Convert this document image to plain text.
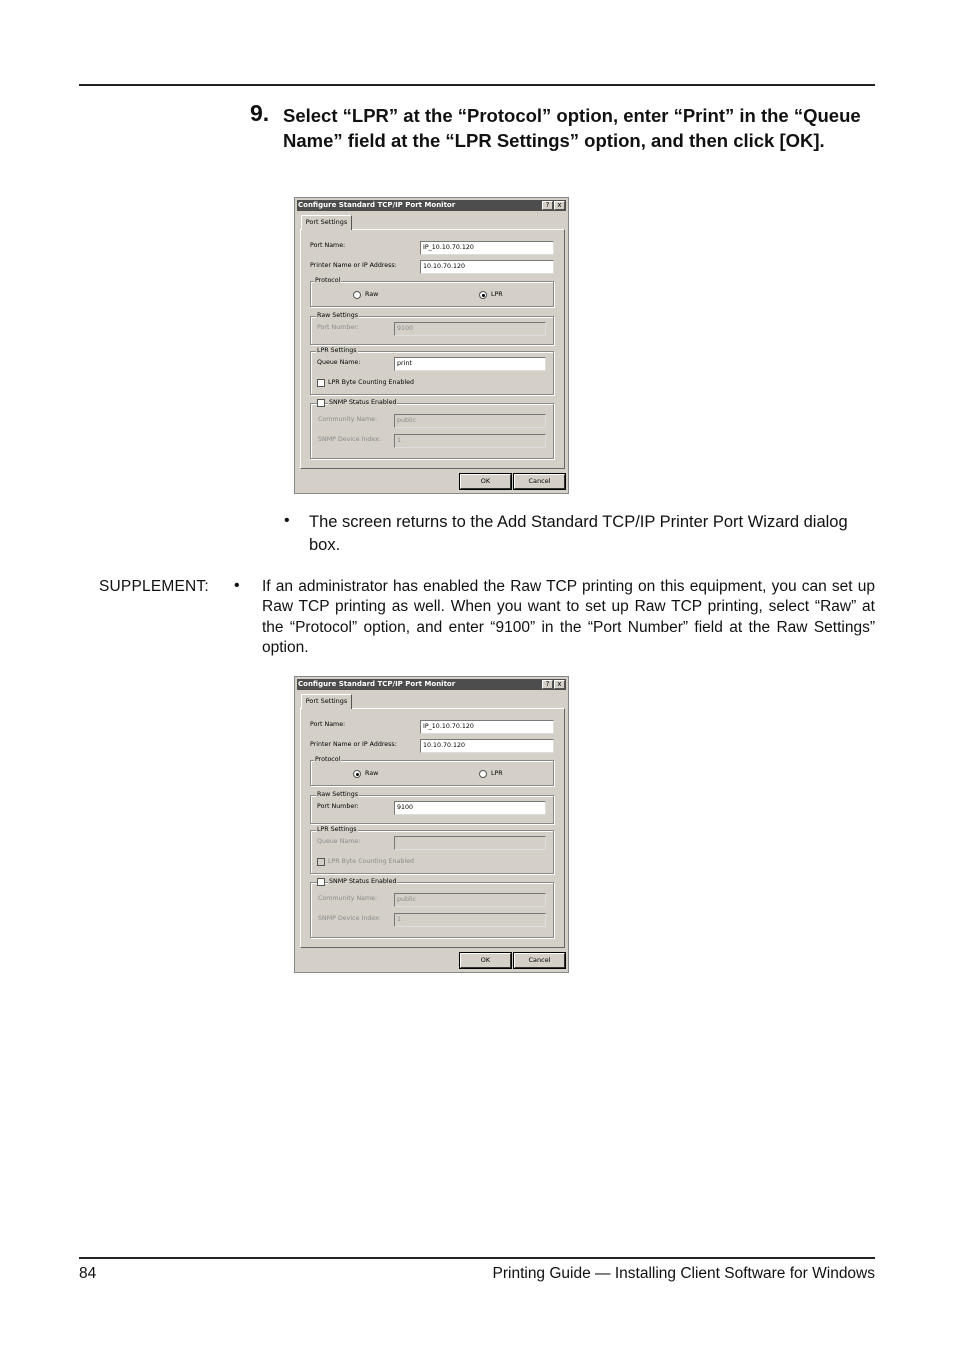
9. Select “LPR” at the “Protocol” option, enter “Print” in the “Queue Name” field at the “LPR Settings” option, and then click [OK].
Configure Standard TCP/IP Port Monitor	?	x
Port Settings
Port Name:	IP_10.10.70.120
Printer Name or IP Address:	10.10.70.120
Protocol
Raw	LPR
Raw Settings
Port Number:	9100
LPR Settings
Queue Name:	print
LPR Byte Counting Enabled
SNMP Status Enabled
Community Name:	public
SNMP Device Index:	1
OK	Cancel
• The screen returns to the Add Standard TCP/IP Printer Port Wizard dialog box.
SUPPLEMENT: • If an administrator has enabled the Raw TCP printing on this equipment, you can set up Raw TCP printing as well. When you want to set up Raw TCP printing, select “Raw” at the “Protocol” option, and enter “9100” in the “Port Number” field at the Raw Settings” option.
Configure Standard TCP/IP Port Monitor	?	x
Port Settings
Port Name:	IP_10.10.70.120
Printer Name or IP Address:	10.10.70.120
Protocol
Raw	LPR
Raw Settings
Port Number:	9100
LPR Settings
Queue Name:
LPR Byte Counting Enabled
SNMP Status Enabled
Community Name:	public
SNMP Device Index:	1
OK	Cancel
84	Printing Guide — Installing Client Software for Windows
